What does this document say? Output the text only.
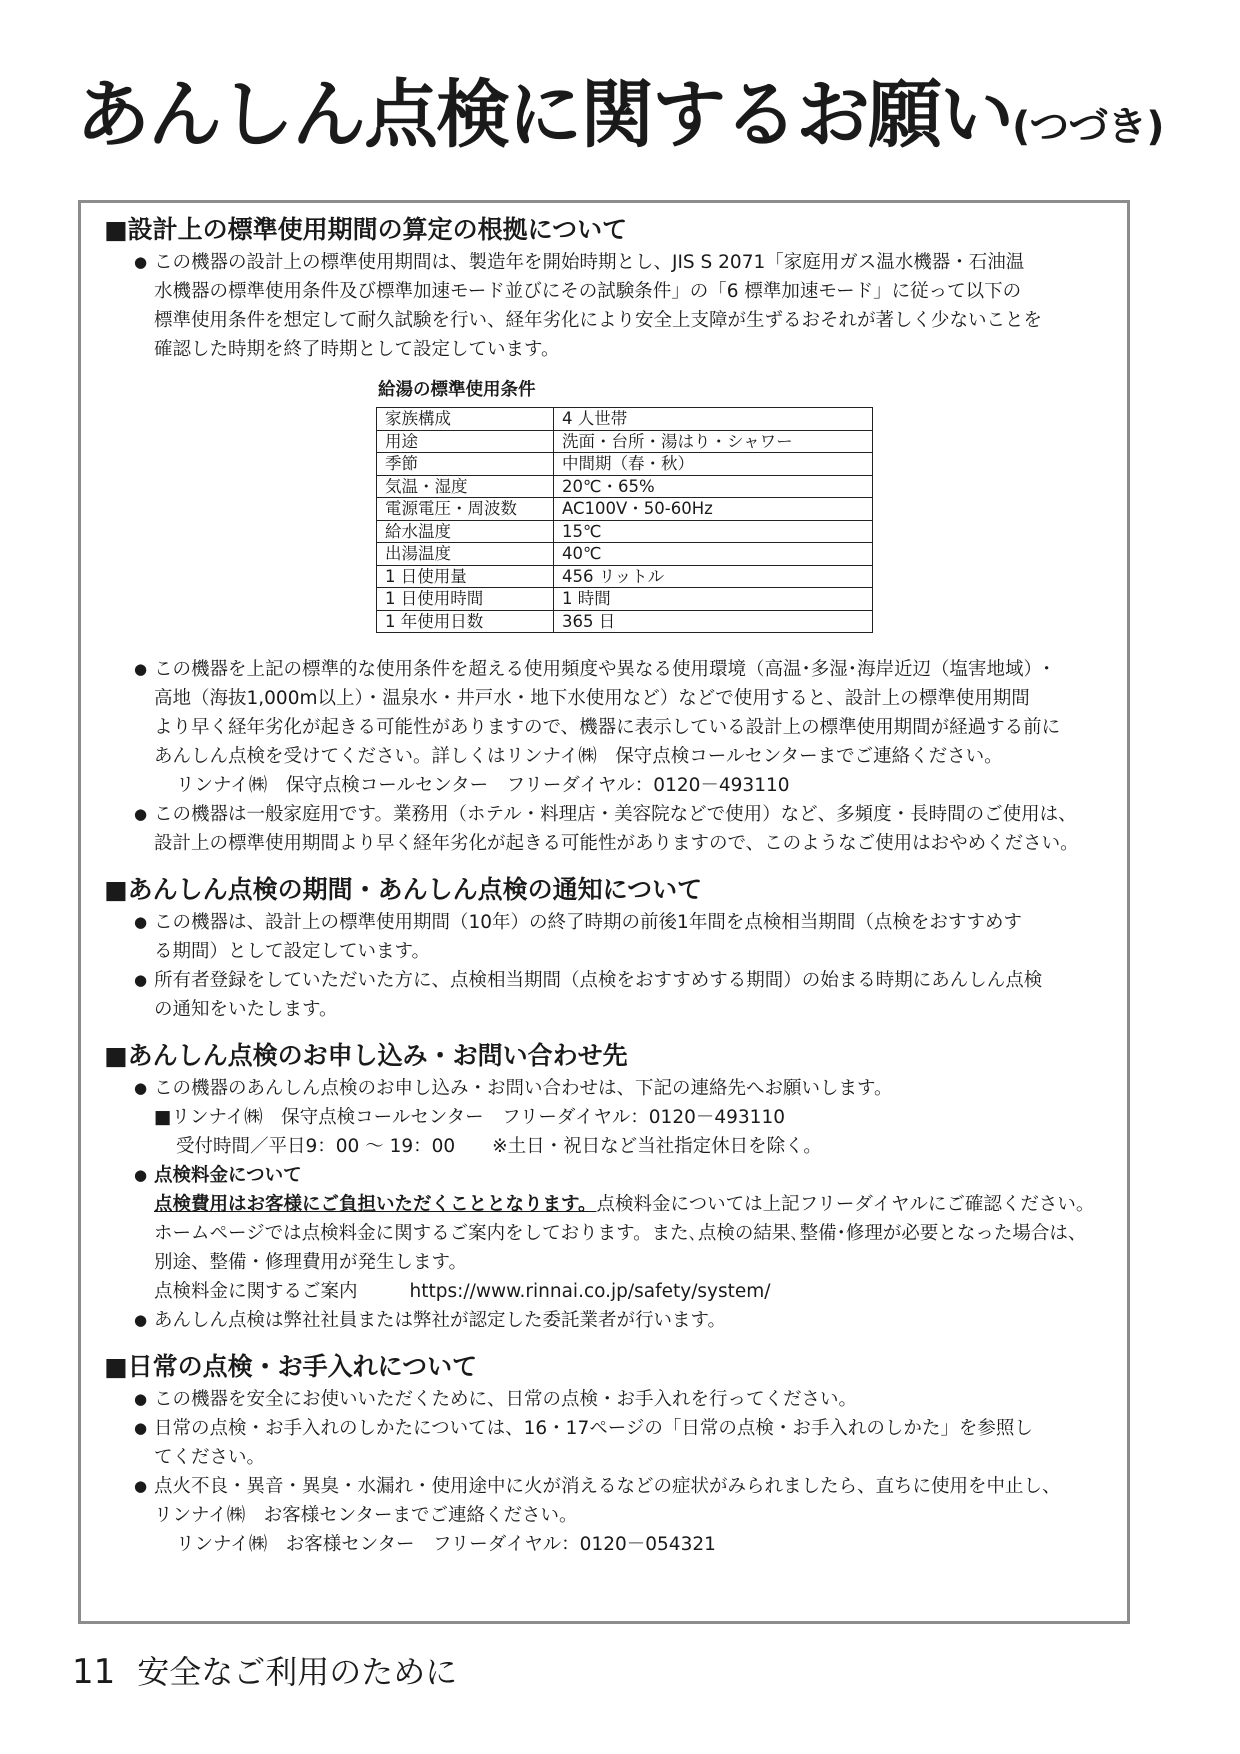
あんしん点検に関するお願い(つづき)
■設計上の標準使用期間の算定の根拠について

● この機器の設計上の標準使用期間は、製造年を開始時期とし、JIS S 2071「家庭用ガス温水機器・石油温
水機器の標準使用条件及び標準加速モード並びにその試験条件」の「6 標準加速モード」に従って以下の
標準使用条件を想定して耐久試験を行い、経年劣化により安全上支障が生ずるおそれが著しく少ないことを
確認した時期を終了時期として設定しています。

給湯の標準使用条件

家族構成	4 人世帯
用途	洗面・台所・湯はり・シャワー
季節	中間期（春・秋）
気温・湿度	20℃・65%
電源電圧・周波数	AC100V・50-60Hz
給水温度	15℃
出湯温度	40℃
1 日使用量	456 リットル
1 日使用時間	1 時間
1 年使用日数	365 日

● この機器を上記の標準的な使用条件を超える使用頻度や異なる使用環境（高温･多湿･海岸近辺（塩害地域）･
高地（海抜1,000m以上）・温泉水・井戸水・地下水使用など）などで使用すると、設計上の標準使用期間
より早く経年劣化が起きる可能性がありますので、機器に表示している設計上の標準使用期間が経過する前に
あんしん点検を受けてください。詳しくはリンナイ㈱　保守点検コールセンターまでご連絡ください。

リンナイ㈱　保守点検コールセンター　フリーダイヤル：0120－493110

● この機器は一般家庭用です。業務用（ホテル・料理店・美容院などで使用）など、多頻度・長時間のご使用は、
設計上の標準使用期間より早く経年劣化が起きる可能性がありますので、このようなご使用はおやめください。

■あんしん点検の期間・あんしん点検の通知について

● この機器は、設計上の標準使用期間（10年）の終了時期の前後1年間を点検相当期間（点検をおすすめす
る期間）として設定しています。

● 所有者登録をしていただいた方に、点検相当期間（点検をおすすめする期間）の始まる時期にあんしん点検
の通知をいたします。

■あんしん点検のお申し込み・お問い合わせ先

● この機器のあんしん点検のお申し込み・お問い合わせは、下記の連絡先へお願いします。

■リンナイ㈱　保守点検コールセンター　フリーダイヤル：0120－493110
受付時間／平日9：00 ～ 19：00　　※土日・祝日など当社指定休日を除く。
● 点検料金について
点検費用はお客様にご負担いただくこととなります。点検料金については上記フリーダイヤルにご確認ください。
ホームページでは点検料金に関するご案内をしております。また､点検の結果､整備･修理が必要となった場合は、
別途、整備・修理費用が発生します。
点検料金に関するご案内	https://www.rinnai.co.jp/safety/system/

● あんしん点検は弊社社員または弊社が認定した委託業者が行います。

■日常の点検・お手入れについて

● この機器を安全にお使いいただくために、日常の点検・お手入れを行ってください。

● 日常の点検・お手入れのしかたについては、16・17ページの「日常の点検・お手入れのしかた」を参照し
てください。

● 点火不良・異音・異臭・水漏れ・使用途中に火が消えるなどの症状がみられましたら、直ちに使用を中止し、
リンナイ㈱　お客様センターまでご連絡ください。

リンナイ㈱　お客様センター　フリーダイヤル：0120－054321

11 安全なご利用のために
